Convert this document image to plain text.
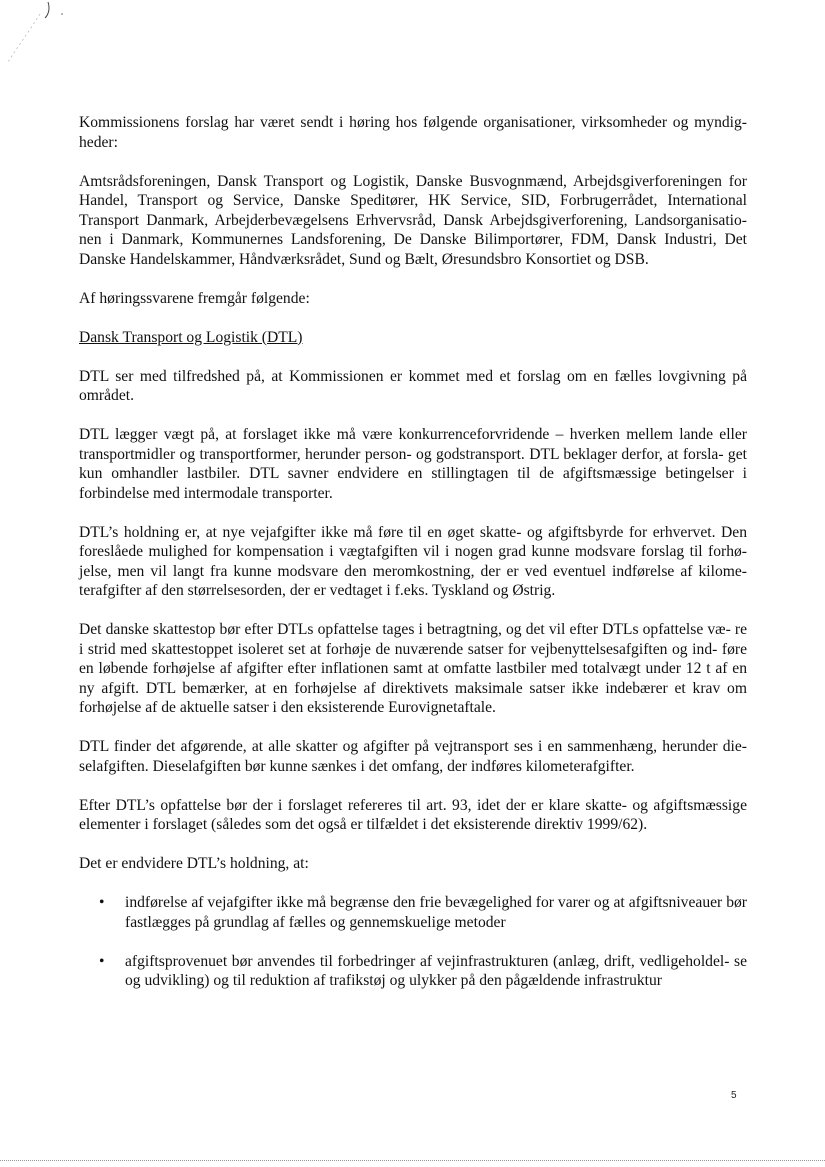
Kommissionens forslag har været sendt i høring hos følgende organisationer, virksomheder og myndig- heder:

Amtsrådsforeningen, Dansk Transport og Logistik, Danske Busvognmænd, Arbejdsgiverforeningen for Handel, Transport og Service, Danske Speditører, HK Service, SID, Forbrugerrådet, International Transport Danmark, Arbejderbevægelsens Erhvervsråd, Dansk Arbejdsgiverforening, Landsorganisatio- nen i Danmark, Kommunernes Landsforening, De Danske Bilimportører, FDM, Dansk Industri, Det Danske Handelskammer, Håndværksrådet, Sund og Bælt, Øresundsbro Konsortiet og DSB.

Af høringssvarene fremgår følgende:

Dansk Transport og Logistik (DTL)

DTL ser med tilfredshed på, at Kommissionen er kommet med et forslag om en fælles lovgivning på området.

DTL lægger vægt på, at forslaget ikke må være konkurrenceforvridende – hverken mellem lande eller transportmidler og transportformer, herunder person- og godstransport. DTL beklager derfor, at forsla- get kun omhandler lastbiler. DTL savner endvidere en stillingtagen til de afgiftsmæssige betingelser i forbindelse med intermodale transporter.

DTL’s holdning er, at nye vejafgifter ikke må føre til en øget skatte- og afgiftsbyrde for erhvervet. Den foreslåede mulighed for kompensation i vægtafgiften vil i nogen grad kunne modsvare forslag til forhø- jelse, men vil langt fra kunne modsvare den meromkostning, der er ved eventuel indførelse af kilome- terafgifter af den størrelsesorden, der er vedtaget i f.eks. Tyskland og Østrig.

Det danske skattestop bør efter DTLs opfattelse tages i betragtning, og det vil efter DTLs opfattelse væ- re i strid med skattestoppet isoleret set at forhøje de nuværende satser for vejbenyttelsesafgiften og ind- føre en løbende forhøjelse af afgifter efter inflationen samt at omfatte lastbiler med totalvægt under 12 t af en ny afgift. DTL bemærker, at en forhøjelse af direktivets maksimale satser ikke indebærer et krav om forhøjelse af de aktuelle satser i den eksisterende Eurovignetaftale.

DTL finder det afgørende, at alle skatter og afgifter på vejtransport ses i en sammenhæng, herunder die- selafgiften. Dieselafgiften bør kunne sænkes i det omfang, der indføres kilometerafgifter.

Efter DTL’s opfattelse bør der i forslaget refereres til art. 93, idet der er klare skatte- og afgiftsmæssige elementer i forslaget (således som det også er tilfældet i det eksisterende direktiv 1999/62).

Det er endvidere DTL’s holdning, at:

• indførelse af vejafgifter ikke må begrænse den frie bevægelighed for varer og at afgiftsniveauer bør fastlægges på grundlag af fælles og gennemskuelige metoder
• afgiftsprovenuet bør anvendes til forbedringer af vejinfrastrukturen (anlæg, drift, vedligeholdel- se og udvikling) og til reduktion af trafikstøj og ulykker på den pågældende infrastruktur
5
